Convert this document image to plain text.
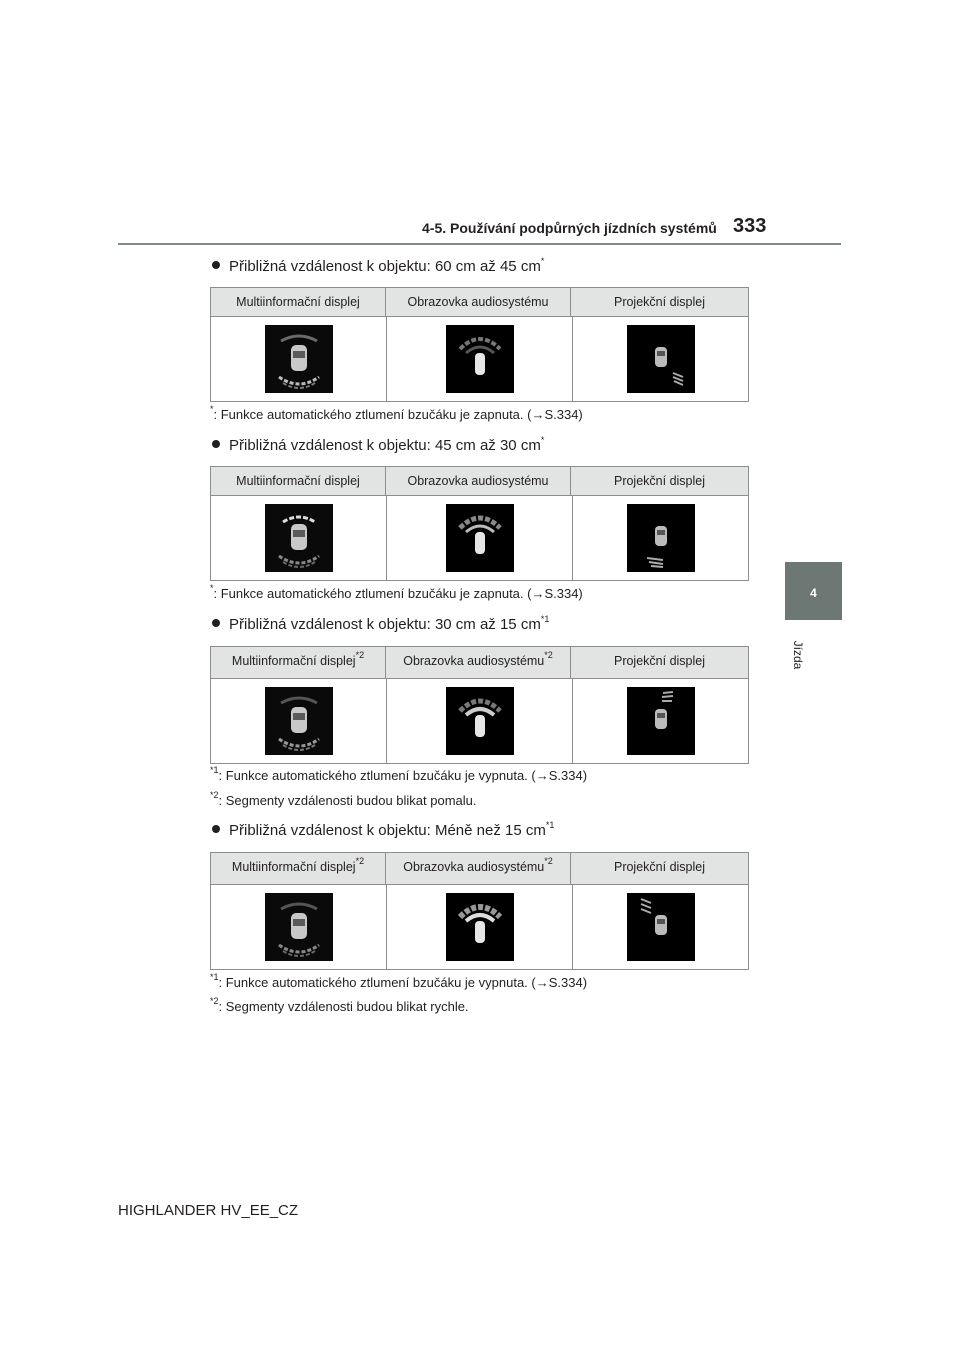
4-5. Používání podpůrných jízdních systémů 333
4
Jízda
Přibližná vzdálenost k objektu: 60 cm až 45 cm*
Multiinformační displej	Obrazovka audiosystému	Projekční displej
*: Funkce automatického ztlumení bzučáku je zapnuta. (→S.334)
Přibližná vzdálenost k objektu: 45 cm až 30 cm*
Multiinformační displej	Obrazovka audiosystému	Projekční displej
*: Funkce automatického ztlumení bzučáku je zapnuta. (→S.334)
Přibližná vzdálenost k objektu: 30 cm až 15 $cm^{*1}$
Multiinformační displej$^{*2}$	Obrazovka audiosystému$^{*2}$	Projekční displej
$^{*1}$: Funkce automatického ztlumení bzučáku je vypnuta. (→S.334)
$^{*2}$: Segmenty vzdálenosti budou blikat pomalu.
Přibližná vzdálenost k objektu: Méně než 15 $cm^{*1}$
Multiinformační displej$^{*2}$	Obrazovka audiosystému$^{*2}$	Projekční displej
$^{*1}$: Funkce automatického ztlumení bzučáku je vypnuta. (→S.334)
$^{*2}$: Segmenty vzdálenosti budou blikat rychle.
HIGHLANDER HV_EE_CZ
